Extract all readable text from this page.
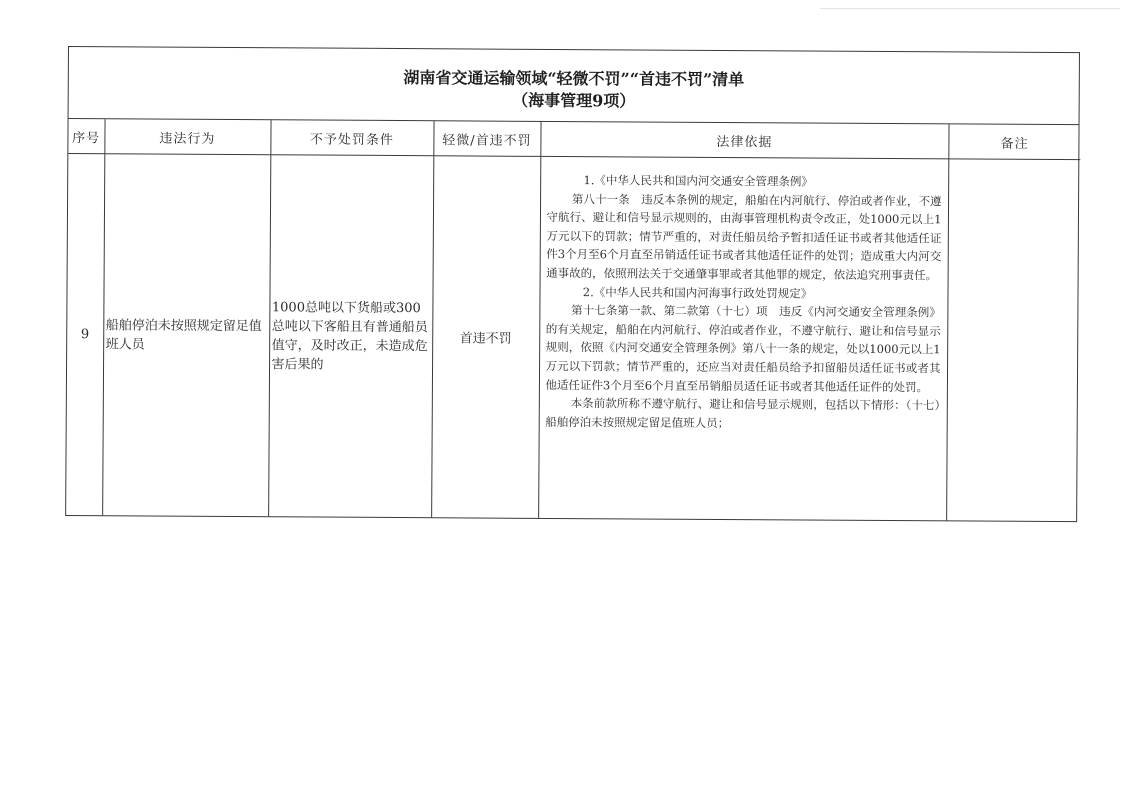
湖南省交通运输领域“轻微不罚”“首违不罚”清单
（海事管理9项）
序号	违法行为	不予处罚条件	轻微/首违不罚	法律依据	备注
9	船舶停泊未按照规定留足值班人员	1000总吨以下货船或300总吨以下客船且有普通船员值守，及时改正，未造成危害后果的	首违不罚	1.《中华人民共和国内河交通安全管理条例》

第八十一条　违反本条例的规定，船舶在内河航行、停泊或者作业，不遵守航行、避让和信号显示规则的，由海事管理机构责令改正，处1000元以上1万元以下的罚款；情节严重的，对责任船员给予暂扣适任证书或者其他适任证件3个月至6个月直至吊销适任证书或者其他适任证件的处罚；造成重大内河交通事故的，依照刑法关于交通肇事罪或者其他罪的规定，依法追究刑事责任。

2.《中华人民共和国内河海事行政处罚规定》

第十七条第一款、第二款第（十七）项　违反《内河交通安全管理条例》的有关规定，船舶在内河航行、停泊或者作业，不遵守航行、避让和信号显示规则，依照《内河交通安全管理条例》第八十一条的规定，处以1000元以上1万元以下罚款；情节严重的，还应当对责任船员给予扣留船员适任证书或者其他适任证件3个月至6个月直至吊销船员适任证书或者其他适任证件的处罚。

本条前款所称不遵守航行、避让和信号显示规则，包括以下情形：（十七）船舶停泊未按照规定留足值班人员；	
